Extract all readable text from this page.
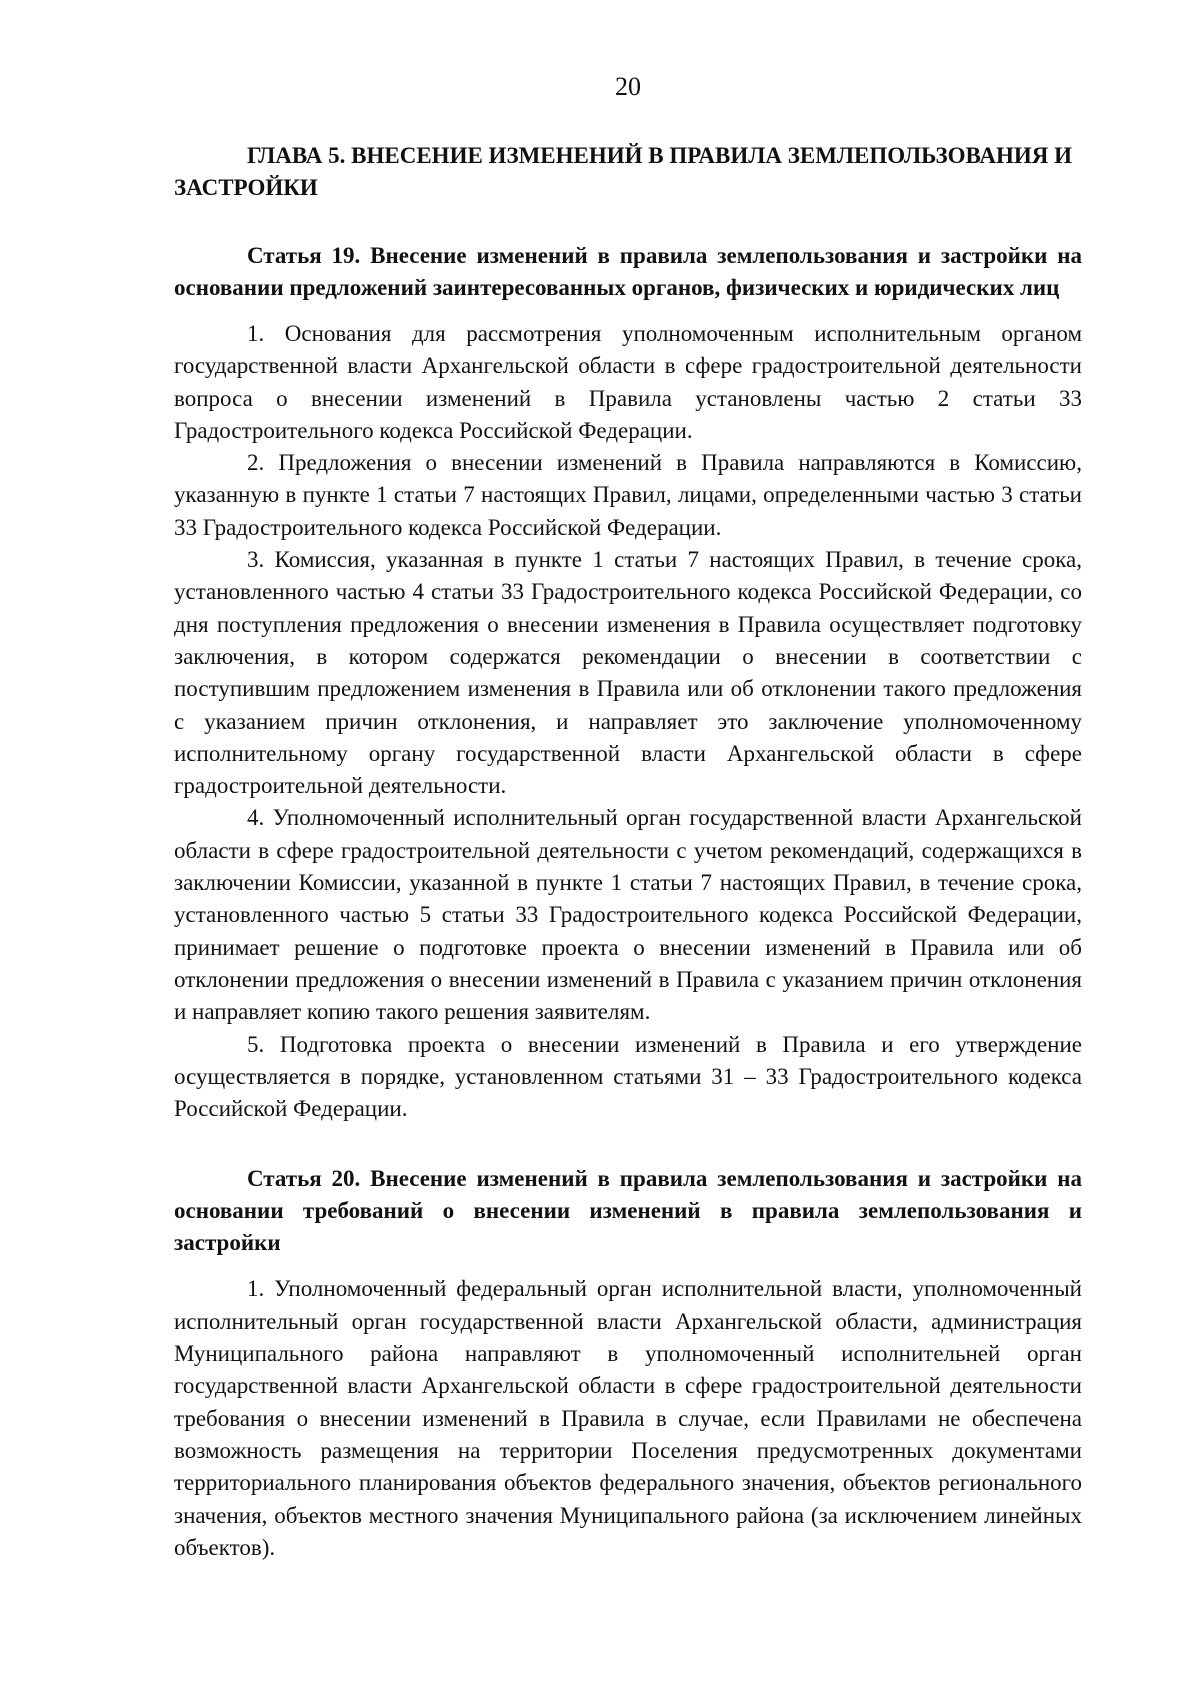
20
ГЛАВА 5. ВНЕСЕНИЕ ИЗМЕНЕНИЙ В ПРАВИЛА ЗЕМЛЕПОЛЬЗОВАНИЯ И ЗАСТРОЙКИ
Статья 19. Внесение изменений в правила землепользования и застройки на основании предложений заинтересованных органов, физических и юридических лиц

1. Основания для рассмотрения уполномоченным исполнительным органом государственной власти Архангельской области в сфере градостроительной деятельности вопроса о внесении изменений в Правила установлены частью 2 статьи 33 Градостроительного кодекса Российской Федерации.

2. Предложения о внесении изменений в Правила направляются в Комиссию, указанную в пункте 1 статьи 7 настоящих Правил, лицами, определенными частью 3 статьи 33 Градостроительного кодекса Российской Федерации.

3. Комиссия, указанная в пункте 1 статьи 7 настоящих Правил, в течение срока, установленного частью 4 статьи 33 Градостроительного кодекса Российской Федерации, со дня поступления предложения о внесении изменения в Правила осуществляет подготовку заключения, в котором содержатся рекомендации о внесении в соответствии с поступившим предложением изменения в Правила или об отклонении такого предложения с указанием причин отклонения, и направляет это заключение уполномоченному исполнительному органу государственной власти Архангельской области в сфере градостроительной деятельности.

4. Уполномоченный исполнительный орган государственной власти Архангельской области в сфере градостроительной деятельности с учетом рекомендаций, содержащихся в заключении Комиссии, указанной в пункте 1 статьи 7 настоящих Правил, в течение срока, установленного частью 5 статьи 33 Градостроительного кодекса Российской Федерации, принимает решение о подготовке проекта о внесении изменений в Правила или об отклонении предложения о внесении изменений в Правила с указанием причин отклонения и направляет копию такого решения заявителям.

5. Подготовка проекта о внесении изменений в Правила и его утверждение осуществляется в порядке, установленном статьями 31 – 33 Градостроительного кодекса Российской Федерации.

Статья 20. Внесение изменений в правила землепользования и застройки на основании требований о внесении изменений в правила землепользования и застройки

1. Уполномоченный федеральный орган исполнительной власти, уполномоченный исполнительный орган государственной власти Архангельской области, администрация Муниципального района направляют в уполномоченный исполнительней орган государственной власти Архангельской области в сфере градостроительной деятельности требования о внесении изменений в Правила в случае, если Правилами не обеспечена возможность размещения на территории Поселения предусмотренных документами территориального планирования объектов федерального значения, объектов регионального значения, объектов местного значения Муниципального района (за исключением линейных объектов).
